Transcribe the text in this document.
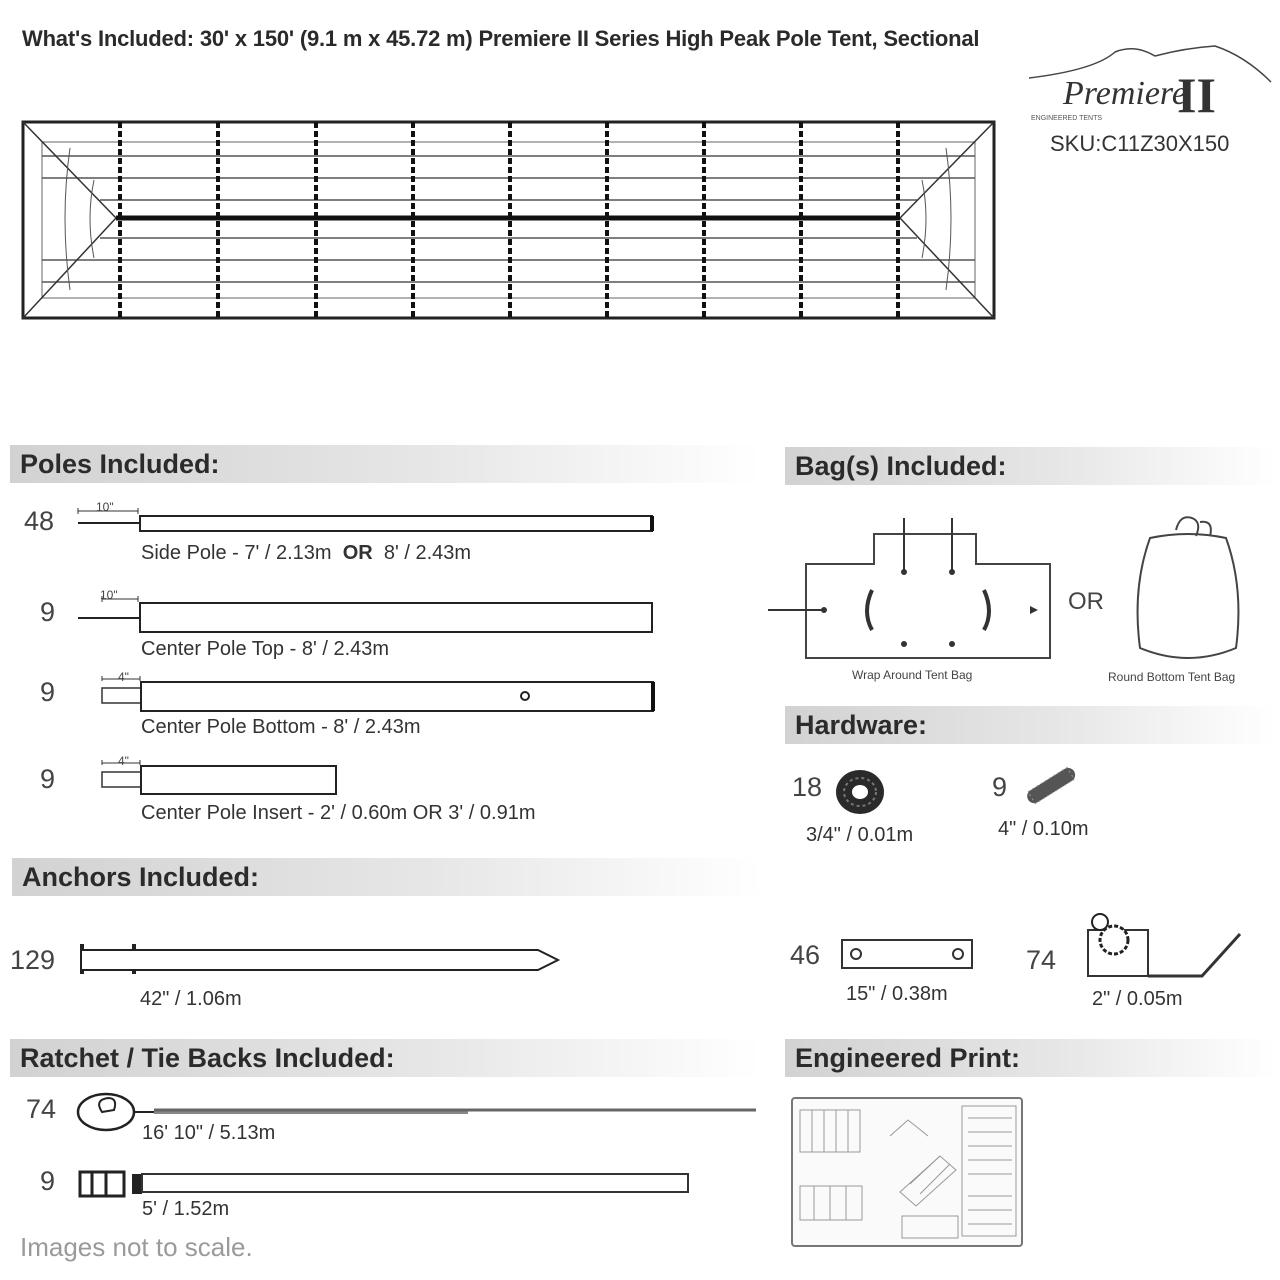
What's Included: 30' x 150' (9.1 m x 45.72 m) Premiere II Series High Peak Pole Tent, Sectional
Premiere
II
ENGINEERED TENTS
SKU:C11Z30X150
Poles Included:
48	10"
Side Pole - 7' / 2.13m OR 8' / 2.43m
9
10"
Center Pole Top - 8' / 2.43m
9	4"
Center Pole Bottom - 8' / 2.43m
9
4"
Center Pole Insert - 2' / 0.60m OR 3' / 0.91m
Bag(s) Included:
Wrap Around Tent Bag
OR
Round Bottom Tent Bag
Hardware:
18
3/4" / 0.01m
9
4" / 0.10m
46
15" / 0.38m
74
2" / 0.05m
Anchors Included:
129
42" / 1.06m
Ratchet / Tie Backs Included:
74
16' 10" / 5.13m
9
5' / 1.52m
Engineered Print:
Images not to scale.
